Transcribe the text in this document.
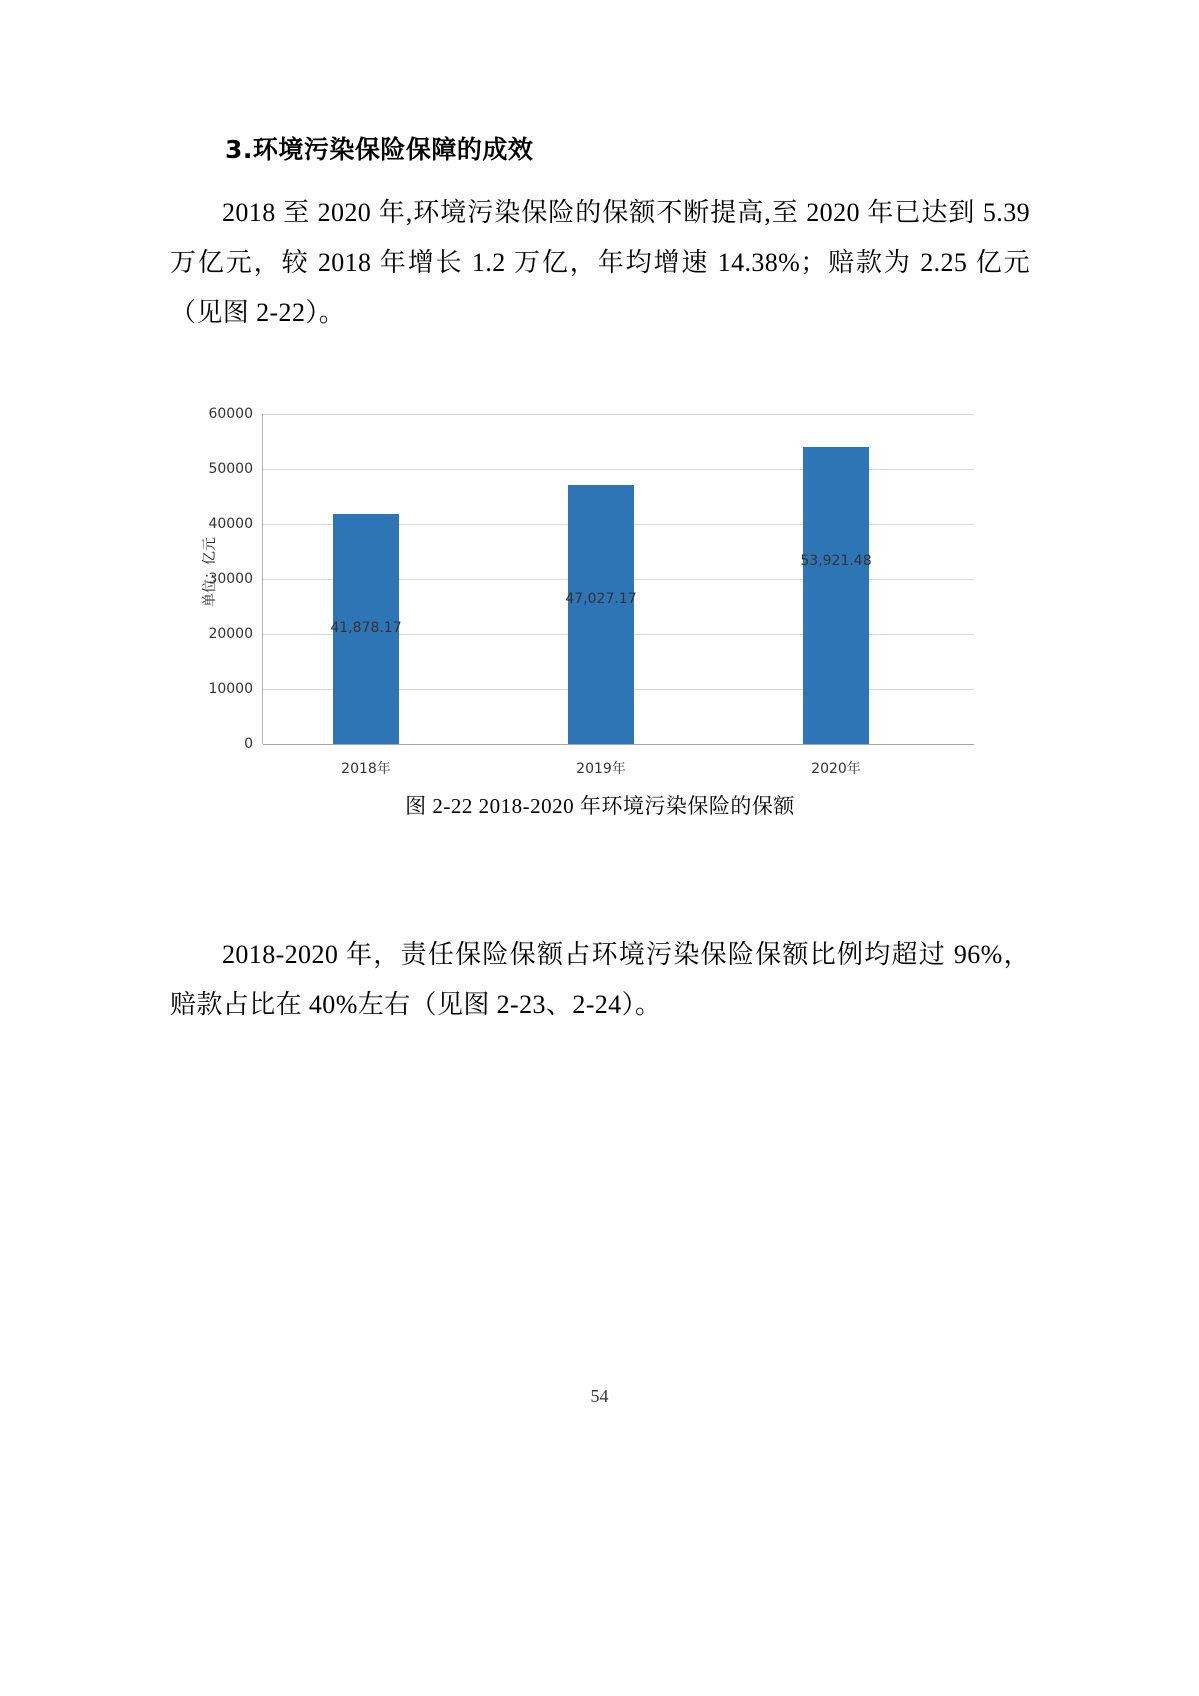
3.环境污染保险保障的成效

2018 至 2020 年,环境污染保险的保额不断提高,至 2020 年已达到 5.39 万亿元，较 2018 年增长 1.2 万亿，年均增速 14.38%；赔款为 2.25 亿元（见图 2-22）。

单位：亿元
60000
50000
40000
30000
20000
10000
0
41,878.17
47,027.17
53,921.48
2018年	2019年	2020年
图 2-22 2018-2020 年环境污染保险的保额

2018-2020 年，责任保险保额占环境污染保险保额比例均超过 96%，赔款占比在 40%左右（见图 2-23、2-24）。

54
